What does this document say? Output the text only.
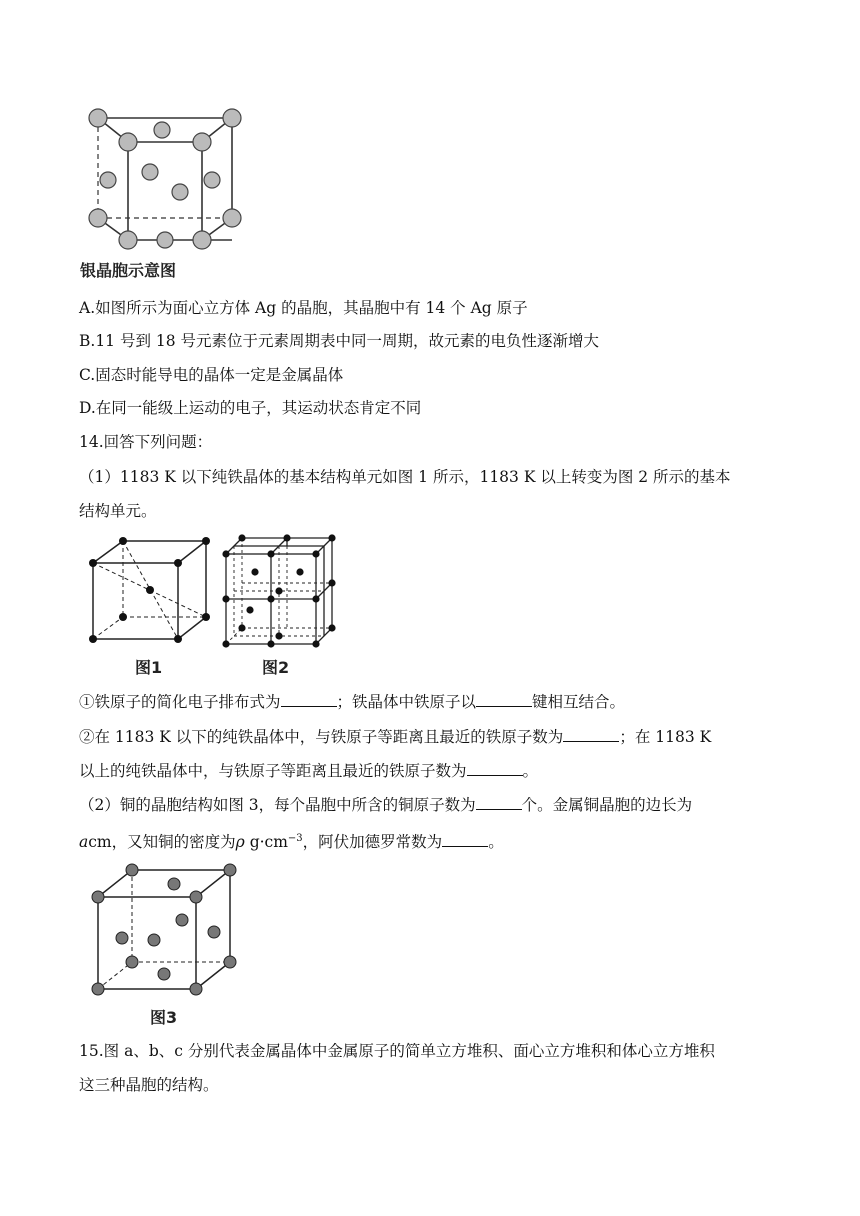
银晶胞示意图
A.如图所示为面心立方体 Ag 的晶胞，其晶胞中有 14 个 Ag 原子
B.11 号到 18 号元素位于元素周期表中同一周期，故元素的电负性逐渐增大
C.固态时能导电的晶体一定是金属晶体
D.在同一能级上运动的电子，其运动状态肯定不同
14.回答下列问题：
（1）1183 K 以下纯铁晶体的基本结构单元如图 1 所示，1183 K 以上转变为图 2 所示的基本
结构单元。
图1	图2
①铁原子的简化电子排布式为	；铁晶体中铁原子以	键相互结合。
②在 1183 K 以下的纯铁晶体中，与铁原子等距离且最近的铁原子数为	；在 1183 K
以上的纯铁晶体中，与铁原子等距离且最近的铁原子数为	。
（2）铜的晶胞结构如图 3，每个晶胞中所含的铜原子数为	个。金属铜晶胞的边长为
acm，又知铜的密度为ρ $g\cdot cm^{-3}$，阿伏加德罗常数为	。
图3
15.图 a、b、c 分别代表金属晶体中金属原子的简单立方堆积、面心立方堆积和体心立方堆积
这三种晶胞的结构。
